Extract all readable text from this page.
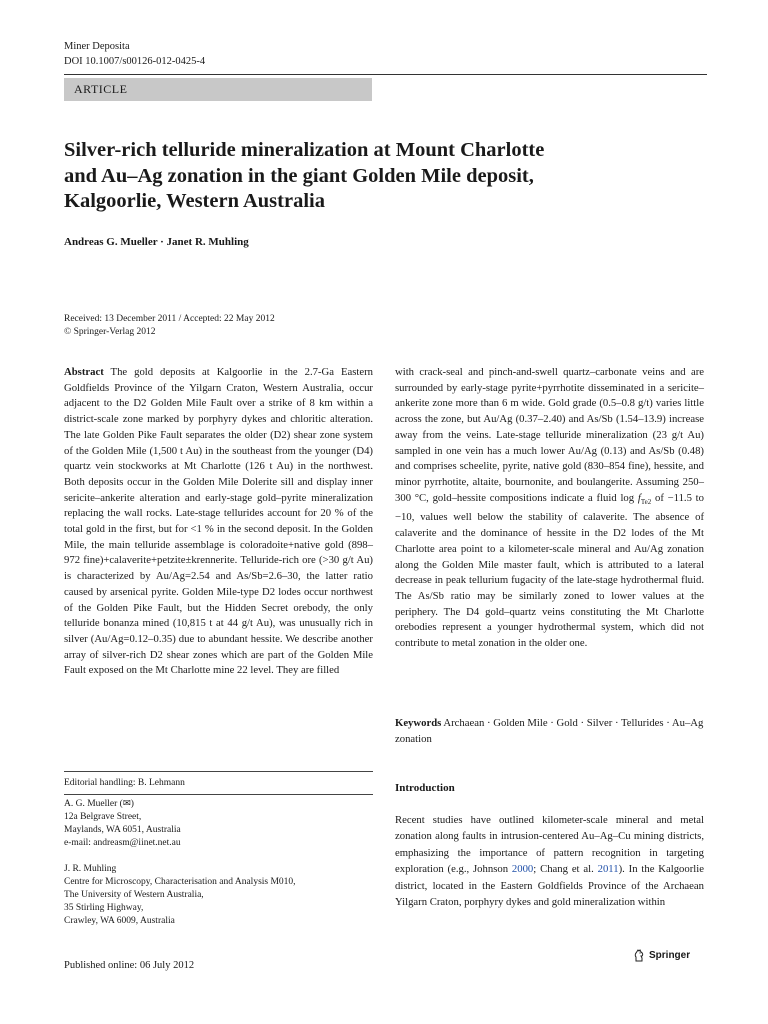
Miner Deposita
DOI 10.1007/s00126-012-0425-4
ARTICLE
Silver-rich telluride mineralization at Mount Charlotte
and Au–Ag zonation in the giant Golden Mile deposit,
Kalgoorlie, Western Australia
Andreas G. Mueller · Janet R. Muhling
Received: 13 December 2011 / Accepted: 22 May 2012
© Springer-Verlag 2012

Abstract The gold deposits at Kalgoorlie in the 2.7-Ga Eastern Goldfields Province of the Yilgarn Craton, Western Australia, occur adjacent to the D2 Golden Mile Fault over a strike of 8 km within a district-scale zone marked by porphyry dykes and chloritic alteration. The late Golden Pike Fault separates the older (D2) shear zone system of the Golden Mile (1,500 t Au) in the southeast from the younger (D4) quartz vein stockworks at Mt Charlotte (126 t Au) in the northwest. Both deposits occur in the Golden Mile Dolerite sill and display inner sericite–ankerite alteration and early-stage gold–pyrite mineralization replacing the wall rocks. Late-stage tellurides account for 20 % of the total gold in the first, but for <1 % in the second deposit. In the Golden Mile, the main telluride assemblage is coloradoite+native gold (898–972 fine)+calaverite+petzite±krennerite. Telluride-rich ore (>30 g/t Au) is characterized by Au/Ag=2.54 and As/Sb=2.6–30, the latter ratio caused by arsenical pyrite. Golden Mile-type D2 lodes occur northwest of the Golden Pike Fault, but the Hidden Secret orebody, the only telluride bonanza mined (10,815 t at 44 g/t Au), was unusually rich in silver (Au/Ag=0.12–0.35) due to abundant hessite. We describe another array of silver-rich D2 shear zones which are part of the Golden Mile Fault exposed on the Mt Charlotte mine 22 level. They are filled

with crack-seal and pinch-and-swell quartz–carbonate veins and are surrounded by early-stage pyrite+pyrrhotite disseminated in a sericite–ankerite zone more than 6 m wide. Gold grade (0.5–0.8 g/t) varies little across the zone, but Au/Ag (0.37–2.40) and As/Sb (1.54–13.9) increase away from the veins. Late-stage telluride mineralization (23 g/t Au) sampled in one vein has a much lower Au/Ag (0.13) and As/Sb (0.48) and comprises scheelite, pyrite, native gold (830–854 fine), hessite, and minor pyrrhotite, altaite, bournonite, and boulangerite. Assuming 250–300 °C, gold–hessite compositions indicate a fluid $\log f_{Te2}$ of −11.5 to −10, values well below the stability of calaverite. The absence of calaverite and the dominance of hessite in the D2 lodes of the Mt Charlotte area point to a kilometer-scale mineral and Au/Ag zonation along the Golden Mile master fault, which is attributed to a lateral decrease in peak tellurium fugacity of the late-stage hydrothermal fluid. The As/Sb ratio may be similarly zoned to lower values at the periphery. The D4 gold–quartz veins constituting the Mt Charlotte orebodies represent a younger hydrothermal system, which did not contribute to metal zonation in the older one.

Keywords Archaean · Golden Mile · Gold · Silver · Tellurides · Au–Ag zonation
Editorial handling: B. Lehmann
A. G. Mueller (✉)
12a Belgrave Street,
Maylands, WA 6051, Australia
e-mail: andreasm@iinet.net.au
J. R. Muhling
Centre for Microscopy, Characterisation and Analysis M010,
The University of Western Australia,
35 Stirling Highway,
Crawley, WA 6009, Australia
Introduction
Recent studies have outlined kilometer-scale mineral and metal zonation along faults in intrusion-centered Au–Ag–Cu mining districts, emphasizing the importance of pattern recognition in targeting exploration (e.g., Johnson 2000; Chang et al. 2011). In the Kalgoorlie district, located in the Eastern Goldfields Province of the Archaean Yilgarn Craton, porphyry dykes and gold mineralization within
Published online: 06 July 2012
Springer
